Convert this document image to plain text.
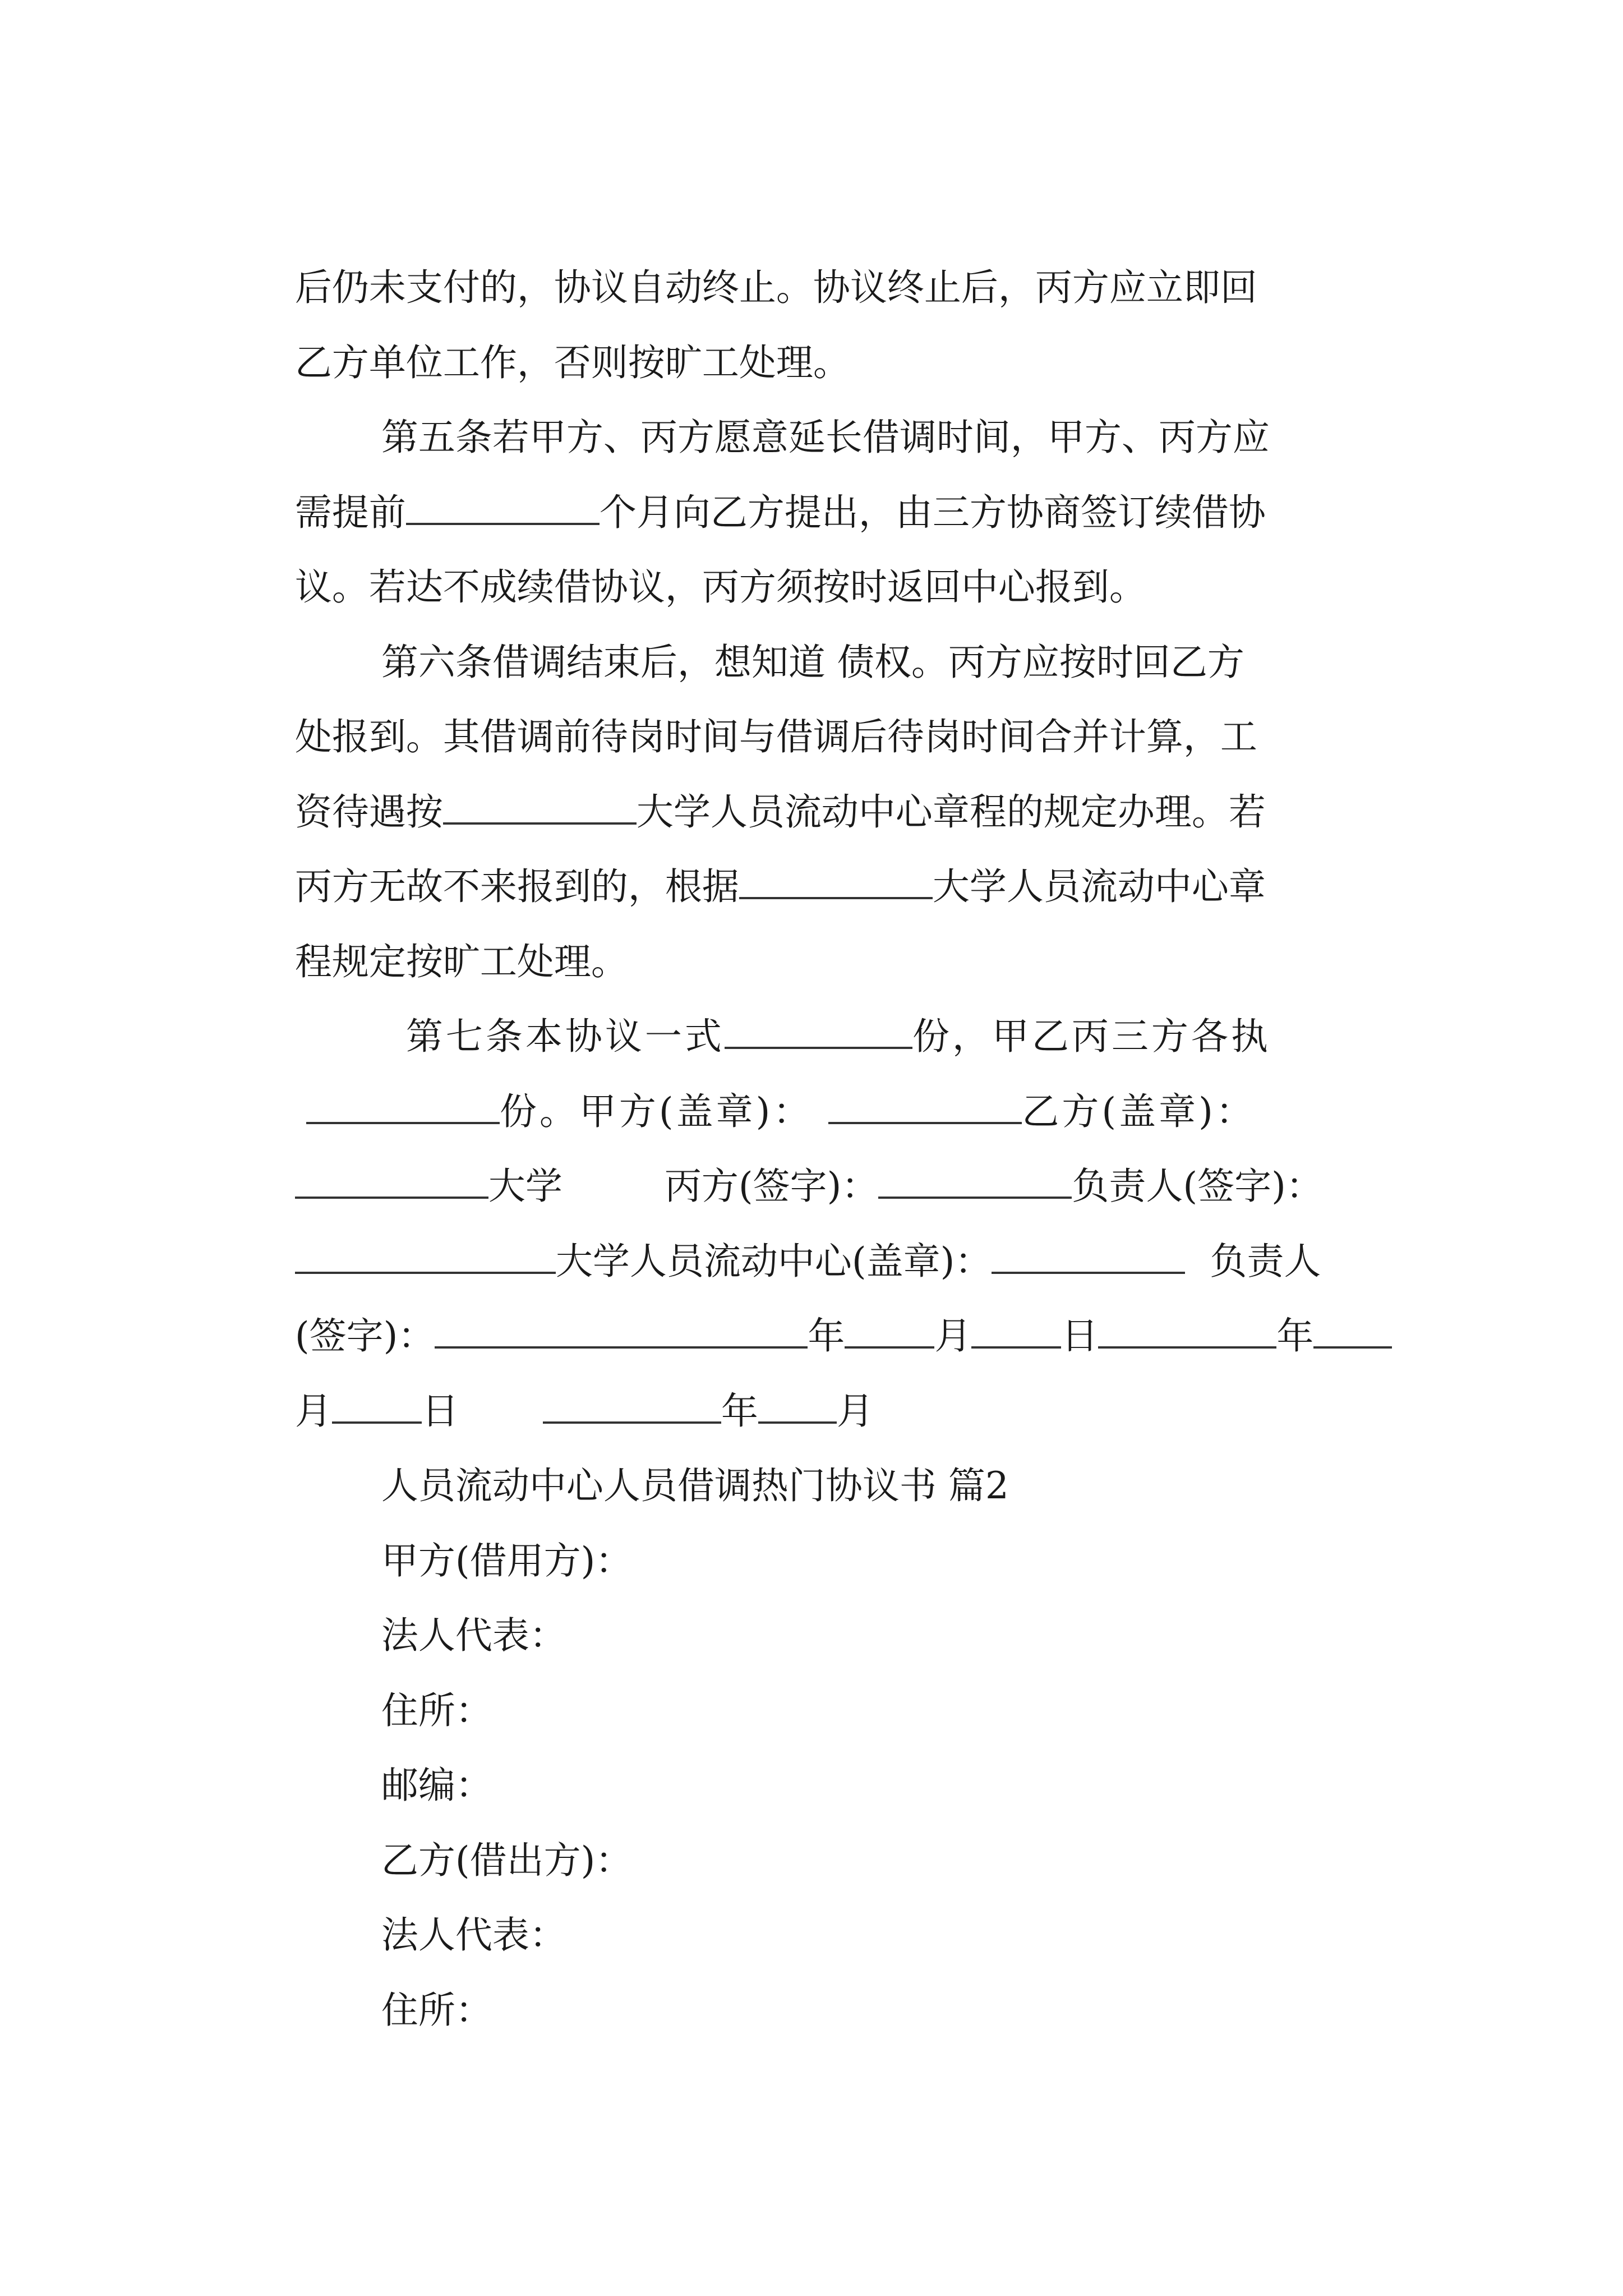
后仍未支付的，协议自动终止。协议终止后，丙方应立即回

乙方单位工作，否则按旷工处理。

第五条若甲方、丙方愿意延长借调时间，甲方、丙方应

需提前	个月向乙方提出，由三方协商签订续借协

议。若达不成续借协议，丙方须按时返回中心报到。

第六条借调结束后，想知道 债权。丙方应按时回乙方

处报到。其借调前待岗时间与借调后待岗时间合并计算，工

资待遇按	大学人员流动中心章程的规定办理。若

丙方无故不来报到的，根据	大学人员流动中心章

程规定按旷工处理。

第七条本协议一式	份，甲乙丙三方各执

份。甲方(盖章)：	乙方(盖章)：

大学	丙方(签字)：	负责人(签字)：

大学人员流动中心(盖章)：	负责人

(签字)：	年 月 日	年

月 日	年 月

人员流动中心人员借调热门协议书 篇2

甲方(借用方)：

法人代表：

住所：

邮编：

乙方(借出方)：

法人代表：

住所：
